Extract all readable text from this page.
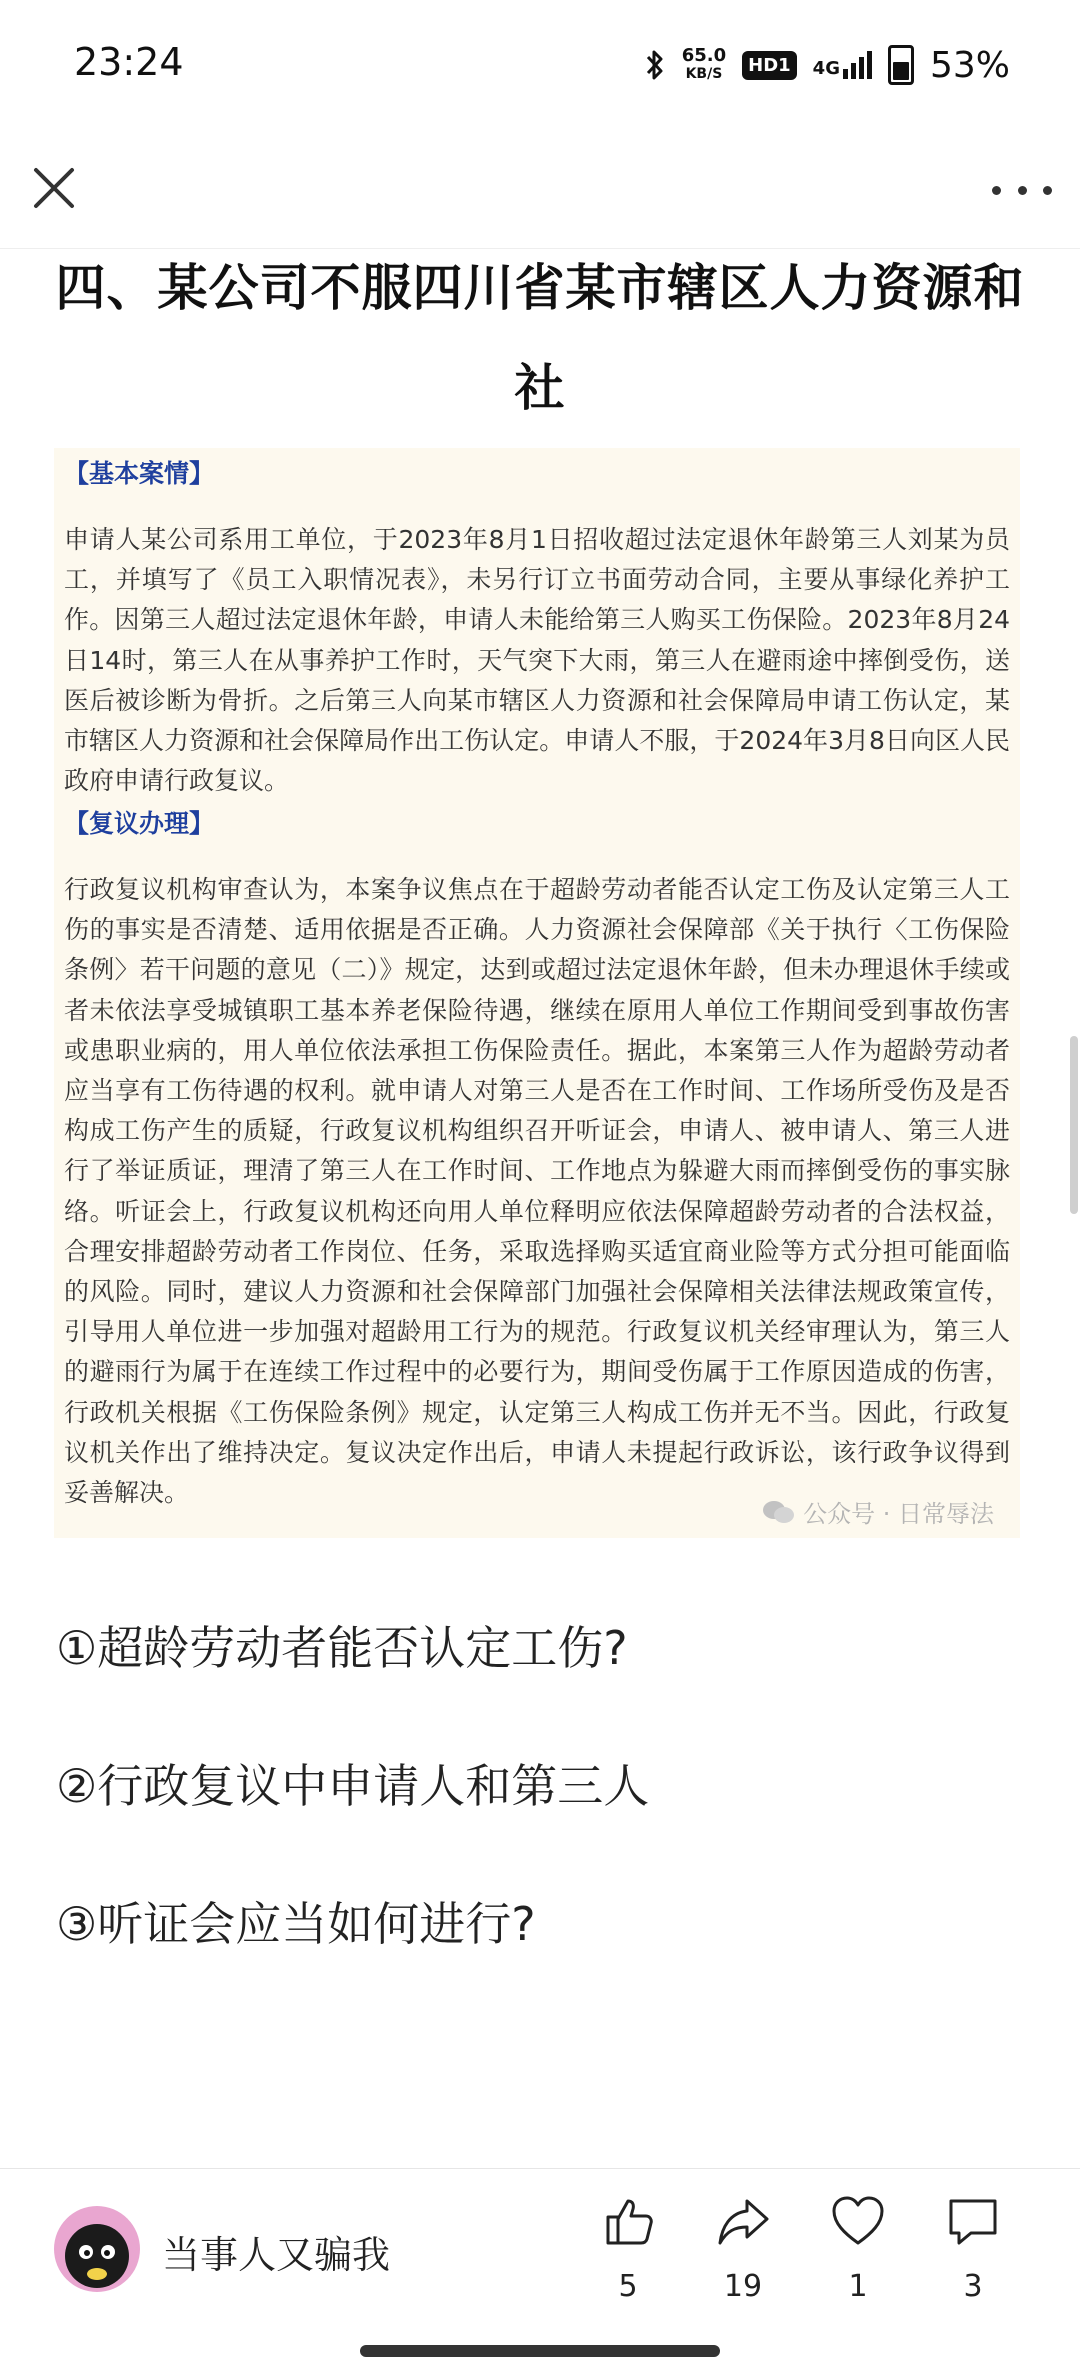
23:24	65.0
KB/S	HD1	4G	53%
四、某公司不服四川省某市辖区人力资源和社
【基本案情】
申请人某公司系用工单位，于2023年8月1日招收超过法定退休年龄第三人刘某为员工，并填写了《员工入职情况表》，未另行订立书面劳动合同，主要从事绿化养护工作。因第三人超过法定退休年龄，申请人未能给第三人购买工伤保险。2023年8月24日14时，第三人在从事养护工作时，天气突下大雨，第三人在避雨途中摔倒受伤，送医后被诊断为骨折。之后第三人向某市辖区人力资源和社会保障局申请工伤认定，某市辖区人力资源和社会保障局作出工伤认定。申请人不服，于2024年3月8日向区人民政府申请行政复议。
【复议办理】
行政复议机构审查认为，本案争议焦点在于超龄劳动者能否认定工伤及认定第三人工伤的事实是否清楚、适用依据是否正确。人力资源社会保障部《关于执行〈工伤保险条例〉若干问题的意见（二）》规定，达到或超过法定退休年龄，但未办理退休手续或者未依法享受城镇职工基本养老保险待遇，继续在原用人单位工作期间受到事故伤害或患职业病的，用人单位依法承担工伤保险责任。据此，本案第三人作为超龄劳动者应当享有工伤待遇的权利。就申请人对第三人是否在工作时间、工作场所受伤及是否构成工伤产生的质疑，行政复议机构组织召开听证会，申请人、被申请人、第三人进行了举证质证，理清了第三人在工作时间、工作地点为躲避大雨而摔倒受伤的事实脉络。听证会上，行政复议机构还向用人单位释明应依法保障超龄劳动者的合法权益，合理安排超龄劳动者工作岗位、任务，采取选择购买适宜商业险等方式分担可能面临的风险。同时，建议人力资源和社会保障部门加强社会保障相关法律法规政策宣传，引导用人单位进一步加强对超龄用工行为的规范。行政复议机关经审理认为，第三人的避雨行为属于在连续工作过程中的必要行为，期间受伤属于工作原因造成的伤害，行政机关根据《工伤保险条例》规定，认定第三人构成工伤并无不当。因此，行政复议机关作出了维持决定。复议决定作出后，申请人未提起行政诉讼，该行政争议得到妥善解决。
公众号 · 日常辱法
①超龄劳动者能否认定工伤?
②行政复议中申请人和第三人
③听证会应当如何进行?
当事人又骗我
5	19	1	3
